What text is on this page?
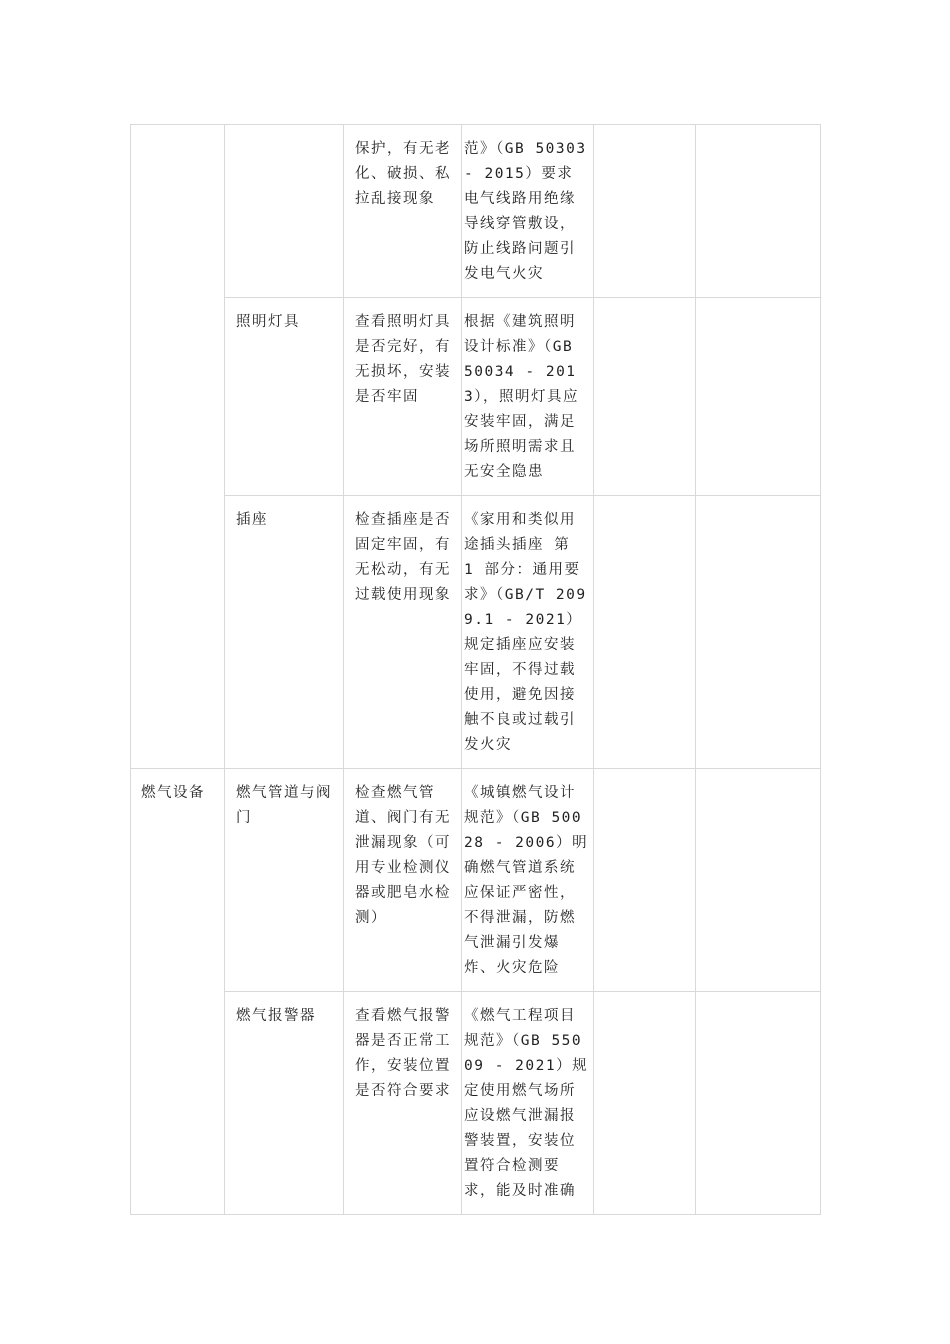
		保护，有无老化、破损、私拉乱接现象	范》（GB 50303 - 2015）要求电气线路用绝缘导线穿管敷设，防止线路问题引发电气火灾		

	照明灯具	查看照明灯具是否完好，有无损坏，安装是否牢固	根据《建筑照明设计标准》（GB 50034 - 2013），照明灯具应安装牢固，满足场所照明需求且无安全隐患		

	插座	检查插座是否固定牢固，有无松动，有无过载使用现象	《家用和类似用途插头插座 第 1 部分：通用要求》（GB/T 2099.1 - 2021）规定插座应安装牢固，不得过载使用，避免因接触不良或过载引发火灾		

燃气设备	燃气管道与阀门	检查燃气管道、阀门有无泄漏现象（可用专业检测仪器或肥皂水检测）	《城镇燃气设计规范》（GB 50028 - 2006）明确燃气管道系统应保证严密性，不得泄漏，防燃气泄漏引发爆炸、火灾危险		

	燃气报警器	查看燃气报警器是否正常工作，安装位置是否符合要求	《燃气工程项目规范》（GB 55009 - 2021）规定使用燃气场所应设燃气泄漏报警装置，安装位置符合检测要求，能及时准确		
